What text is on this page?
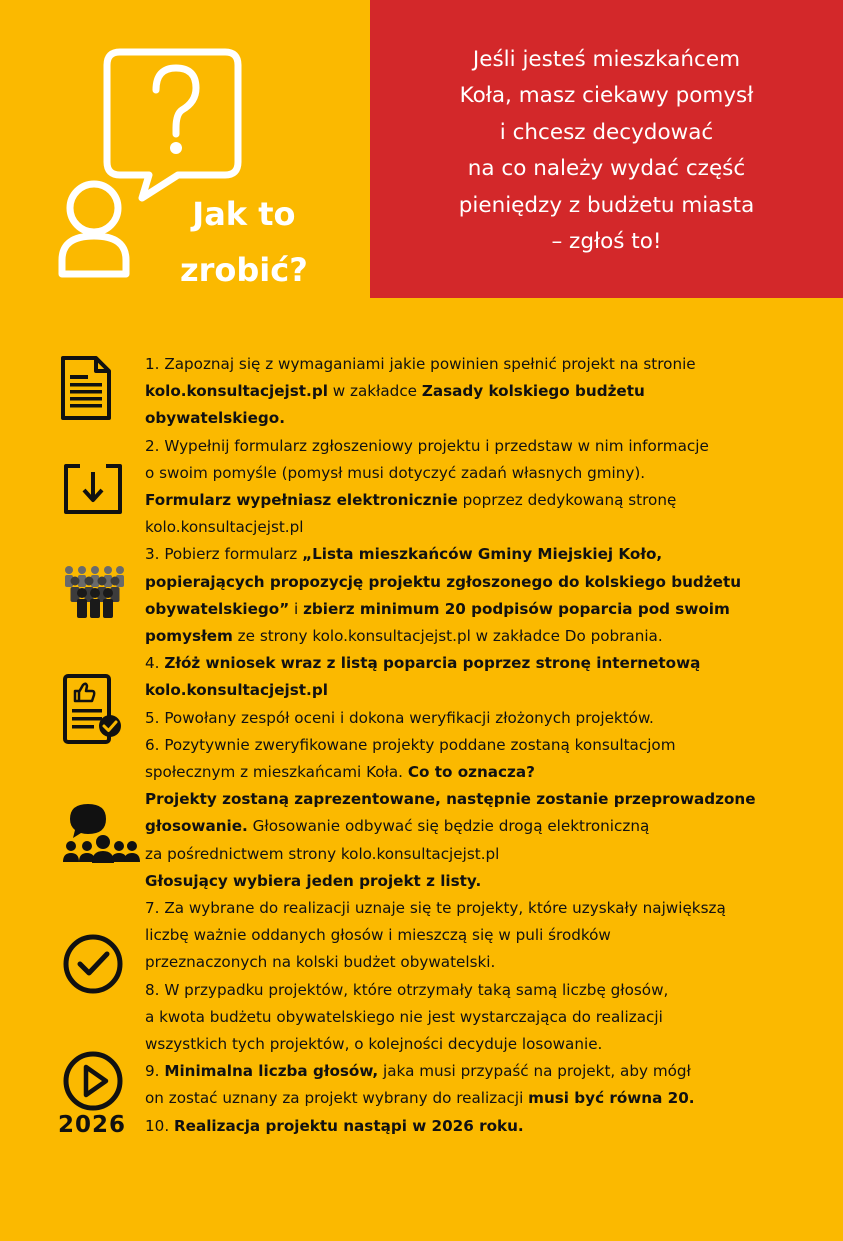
Jak to
zrobić?
Jeśli jesteś mieszkańcem
Koła, masz ciekawy pomysł
i chcesz decydować
na co należy wydać część
pieniędzy z budżetu miasta
– zgłoś to!
2026
1. Zapoznaj się z wymaganiami jakie powinien spełnić projekt na stronie
kolo.konsultacjejst.pl w zakładce Zasady kolskiego budżetu
obywatelskiego.
2. Wypełnij formularz zgłoszeniowy projektu i przedstaw w nim informacje
o swoim pomyśle (pomysł musi dotyczyć zadań własnych gminy).
Formularz wypełniasz elektronicznie poprzez dedykowaną stronę
kolo.konsultacjejst.pl
3. Pobierz formularz „Lista mieszkańców Gminy Miejskiej Koło,
popierających propozycję projektu zgłoszonego do kolskiego budżetu
obywatelskiego” i zbierz minimum 20 podpisów poparcia pod swoim
pomysłem ze strony kolo.konsultacjejst.pl w zakładce Do pobrania.
4. Złóż wniosek wraz z listą poparcia poprzez stronę internetową
kolo.konsultacjejst.pl
5. Powołany zespół oceni i dokona weryfikacji złożonych projektów.
6. Pozytywnie zweryfikowane projekty poddane zostaną konsultacjom
społecznym z mieszkańcami Koła. Co to oznacza?
Projekty zostaną zaprezentowane, następnie zostanie przeprowadzone
głosowanie. Głosowanie odbywać się będzie drogą elektroniczną
za pośrednictwem strony kolo.konsultacjejst.pl
Głosujący wybiera jeden projekt z listy.
7. Za wybrane do realizacji uznaje się te projekty, które uzyskały największą
liczbę ważnie oddanych głosów i mieszczą się w puli środków
przeznaczonych na kolski budżet obywatelski.
8. W przypadku projektów, które otrzymały taką samą liczbę głosów,
a kwota budżetu obywatelskiego nie jest wystarczająca do realizacji
wszystkich tych projektów, o kolejności decyduje losowanie.
9. Minimalna liczba głosów, jaka musi przypaść na projekt, aby mógł
on zostać uznany za projekt wybrany do realizacji musi być równa 20.
10. Realizacja projektu nastąpi w 2026 roku.
